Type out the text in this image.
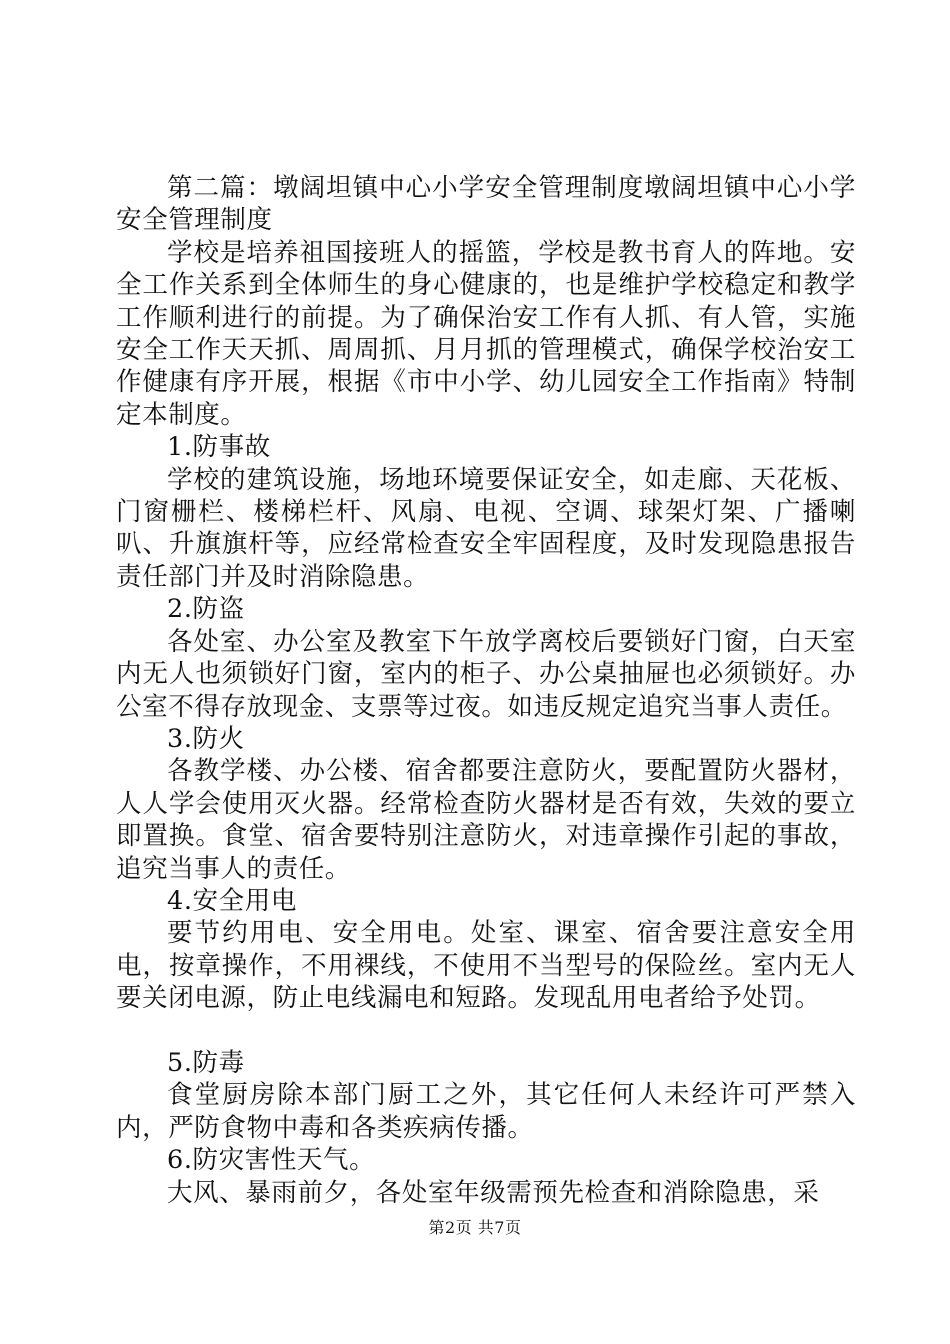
第二篇：墩阔坦镇中心小学安全管理制度墩阔坦镇中心小学安全管理制度

学校是培养祖国接班人的摇篮，学校是教书育人的阵地。安全工作关系到全体师生的身心健康的，也是维护学校稳定和教学工作顺利进行的前提。为了确保治安工作有人抓、有人管，实施安全工作天天抓、周周抓、月月抓的管理模式，确保学校治安工作健康有序开展，根据《市中小学、幼儿园安全工作指南》特制定本制度。

1.防事故

学校的建筑设施，场地环境要保证安全，如走廊、天花板、门窗栅栏、楼梯栏杆、风扇、电视、空调、球架灯架、广播喇叭、升旗旗杆等，应经常检查安全牢固程度，及时发现隐患报告责任部门并及时消除隐患。

2.防盗

各处室、办公室及教室下午放学离校后要锁好门窗，白天室内无人也须锁好门窗，室内的柜子、办公桌抽屉也必须锁好。办公室不得存放现金、支票等过夜。如违反规定追究当事人责任。

3.防火

各教学楼、办公楼、宿舍都要注意防火，要配置防火器材，人人学会使用灭火器。经常检查防火器材是否有效，失效的要立即置换。食堂、宿舍要特别注意防火，对违章操作引起的事故，追究当事人的责任。

4.安全用电

要节约用电、安全用电。处室、课室、宿舍要注意安全用电，按章操作，不用裸线，不使用不当型号的保险丝。室内无人要关闭电源，防止电线漏电和短路。发现乱用电者给予处罚。

5.防毒

食堂厨房除本部门厨工之外，其它任何人未经许可严禁入内，严防食物中毒和各类疾病传播。

6.防灾害性天气。

大风、暴雨前夕，各处室年级需预先检查和消除隐患，采

第2页 共7页
